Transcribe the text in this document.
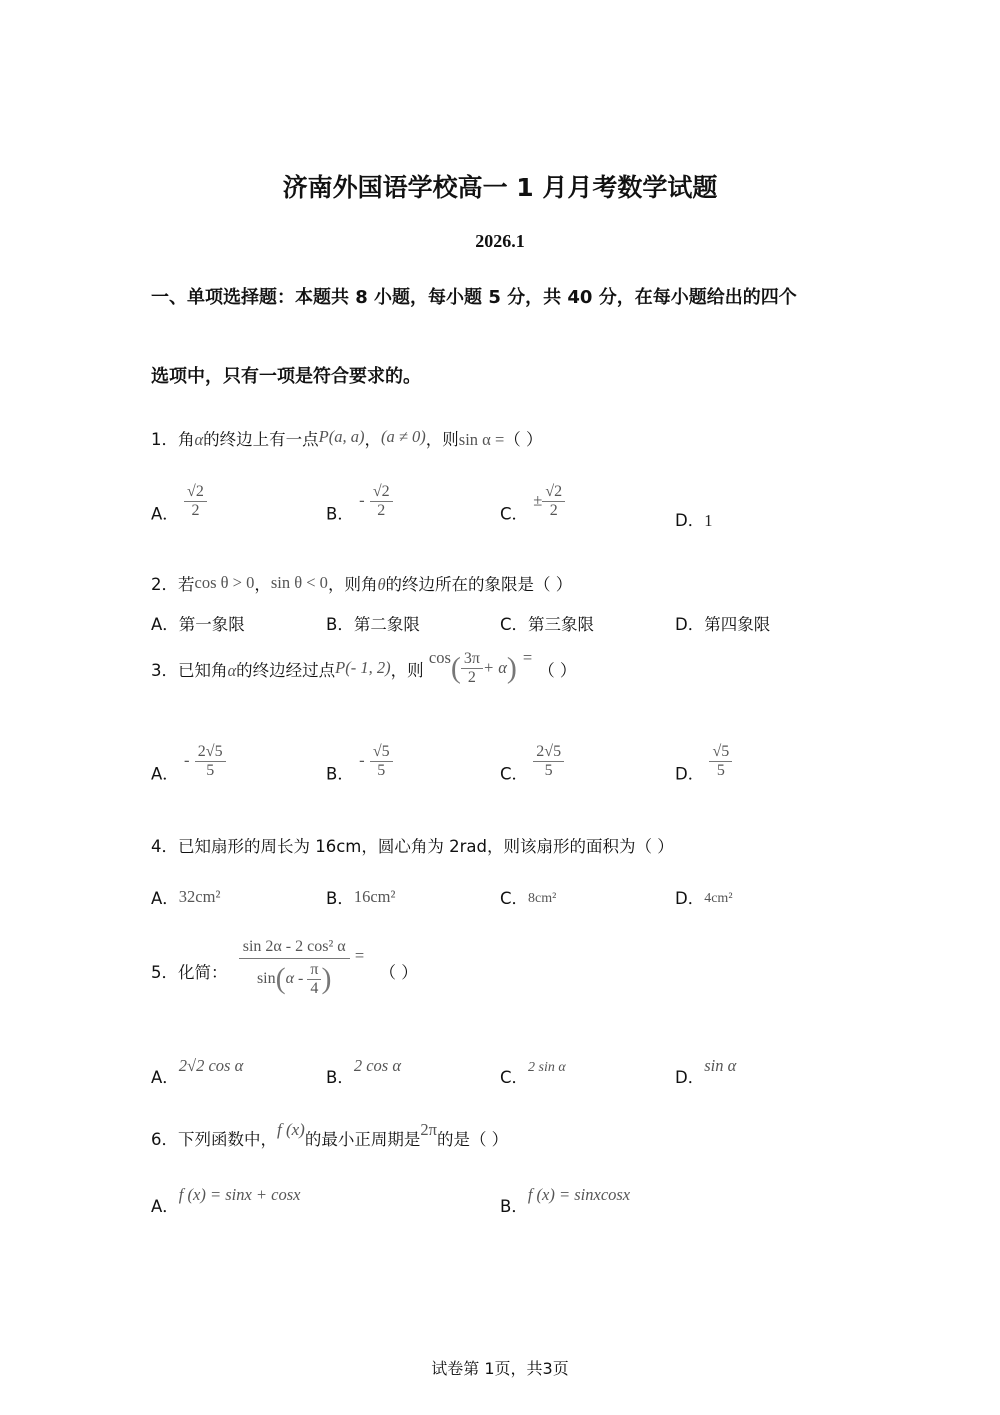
济南外国语学校高一 1 月月考数学试题
2026.1
一、单项选择题：本题共 8 小题，每小题 5 分，共 40 分，在每小题给出的四个
选项中，只有一项是符合要求的。
1．角α的终边上有一点P(a, a)，(a ≠ 0)，则sin α =（ ）
A． $\frac{√2}{2}$	B． - $\frac{√2}{2}$	C． ± $\frac{√2}{2}$
D．1
2．若cos θ > 0，sin θ < 0，则角θ的终边所在的象限是（ ）
A．第一象限	B．第二象限	C．第三象限	D．第四象限
3．已知角α的终边经过点P(- 1, 2)，则 $\cos( \frac{3\pi}{2} + \alpha)$ =（ ）
A． - $\frac{2√5}{5}$	B． - $\frac{√5}{5}$	C． $\frac{2√5}{5}$	D． $\frac{√5}{5}$
4．已知扇形的周长为 16cm，圆心角为 2rad，则该扇形的面积为（ ）
A．32cm²	B．16cm²	C．8cm²	D．4cm²
5．化简： $\frac{\text{sin 2α - 2 cos² α}}{\sin(\alpha - \frac{\pi}{4} )}$ = （ ）
A．2√2 cos α
B．2 cos α
C．2 sin α
D．sin α
6．下列函数中，f (x)的最小正周期是2π的是（ ）
A．f (x) = sinx + cosx
B．f (x) = sinxcosx
试卷第 1页，共3页
